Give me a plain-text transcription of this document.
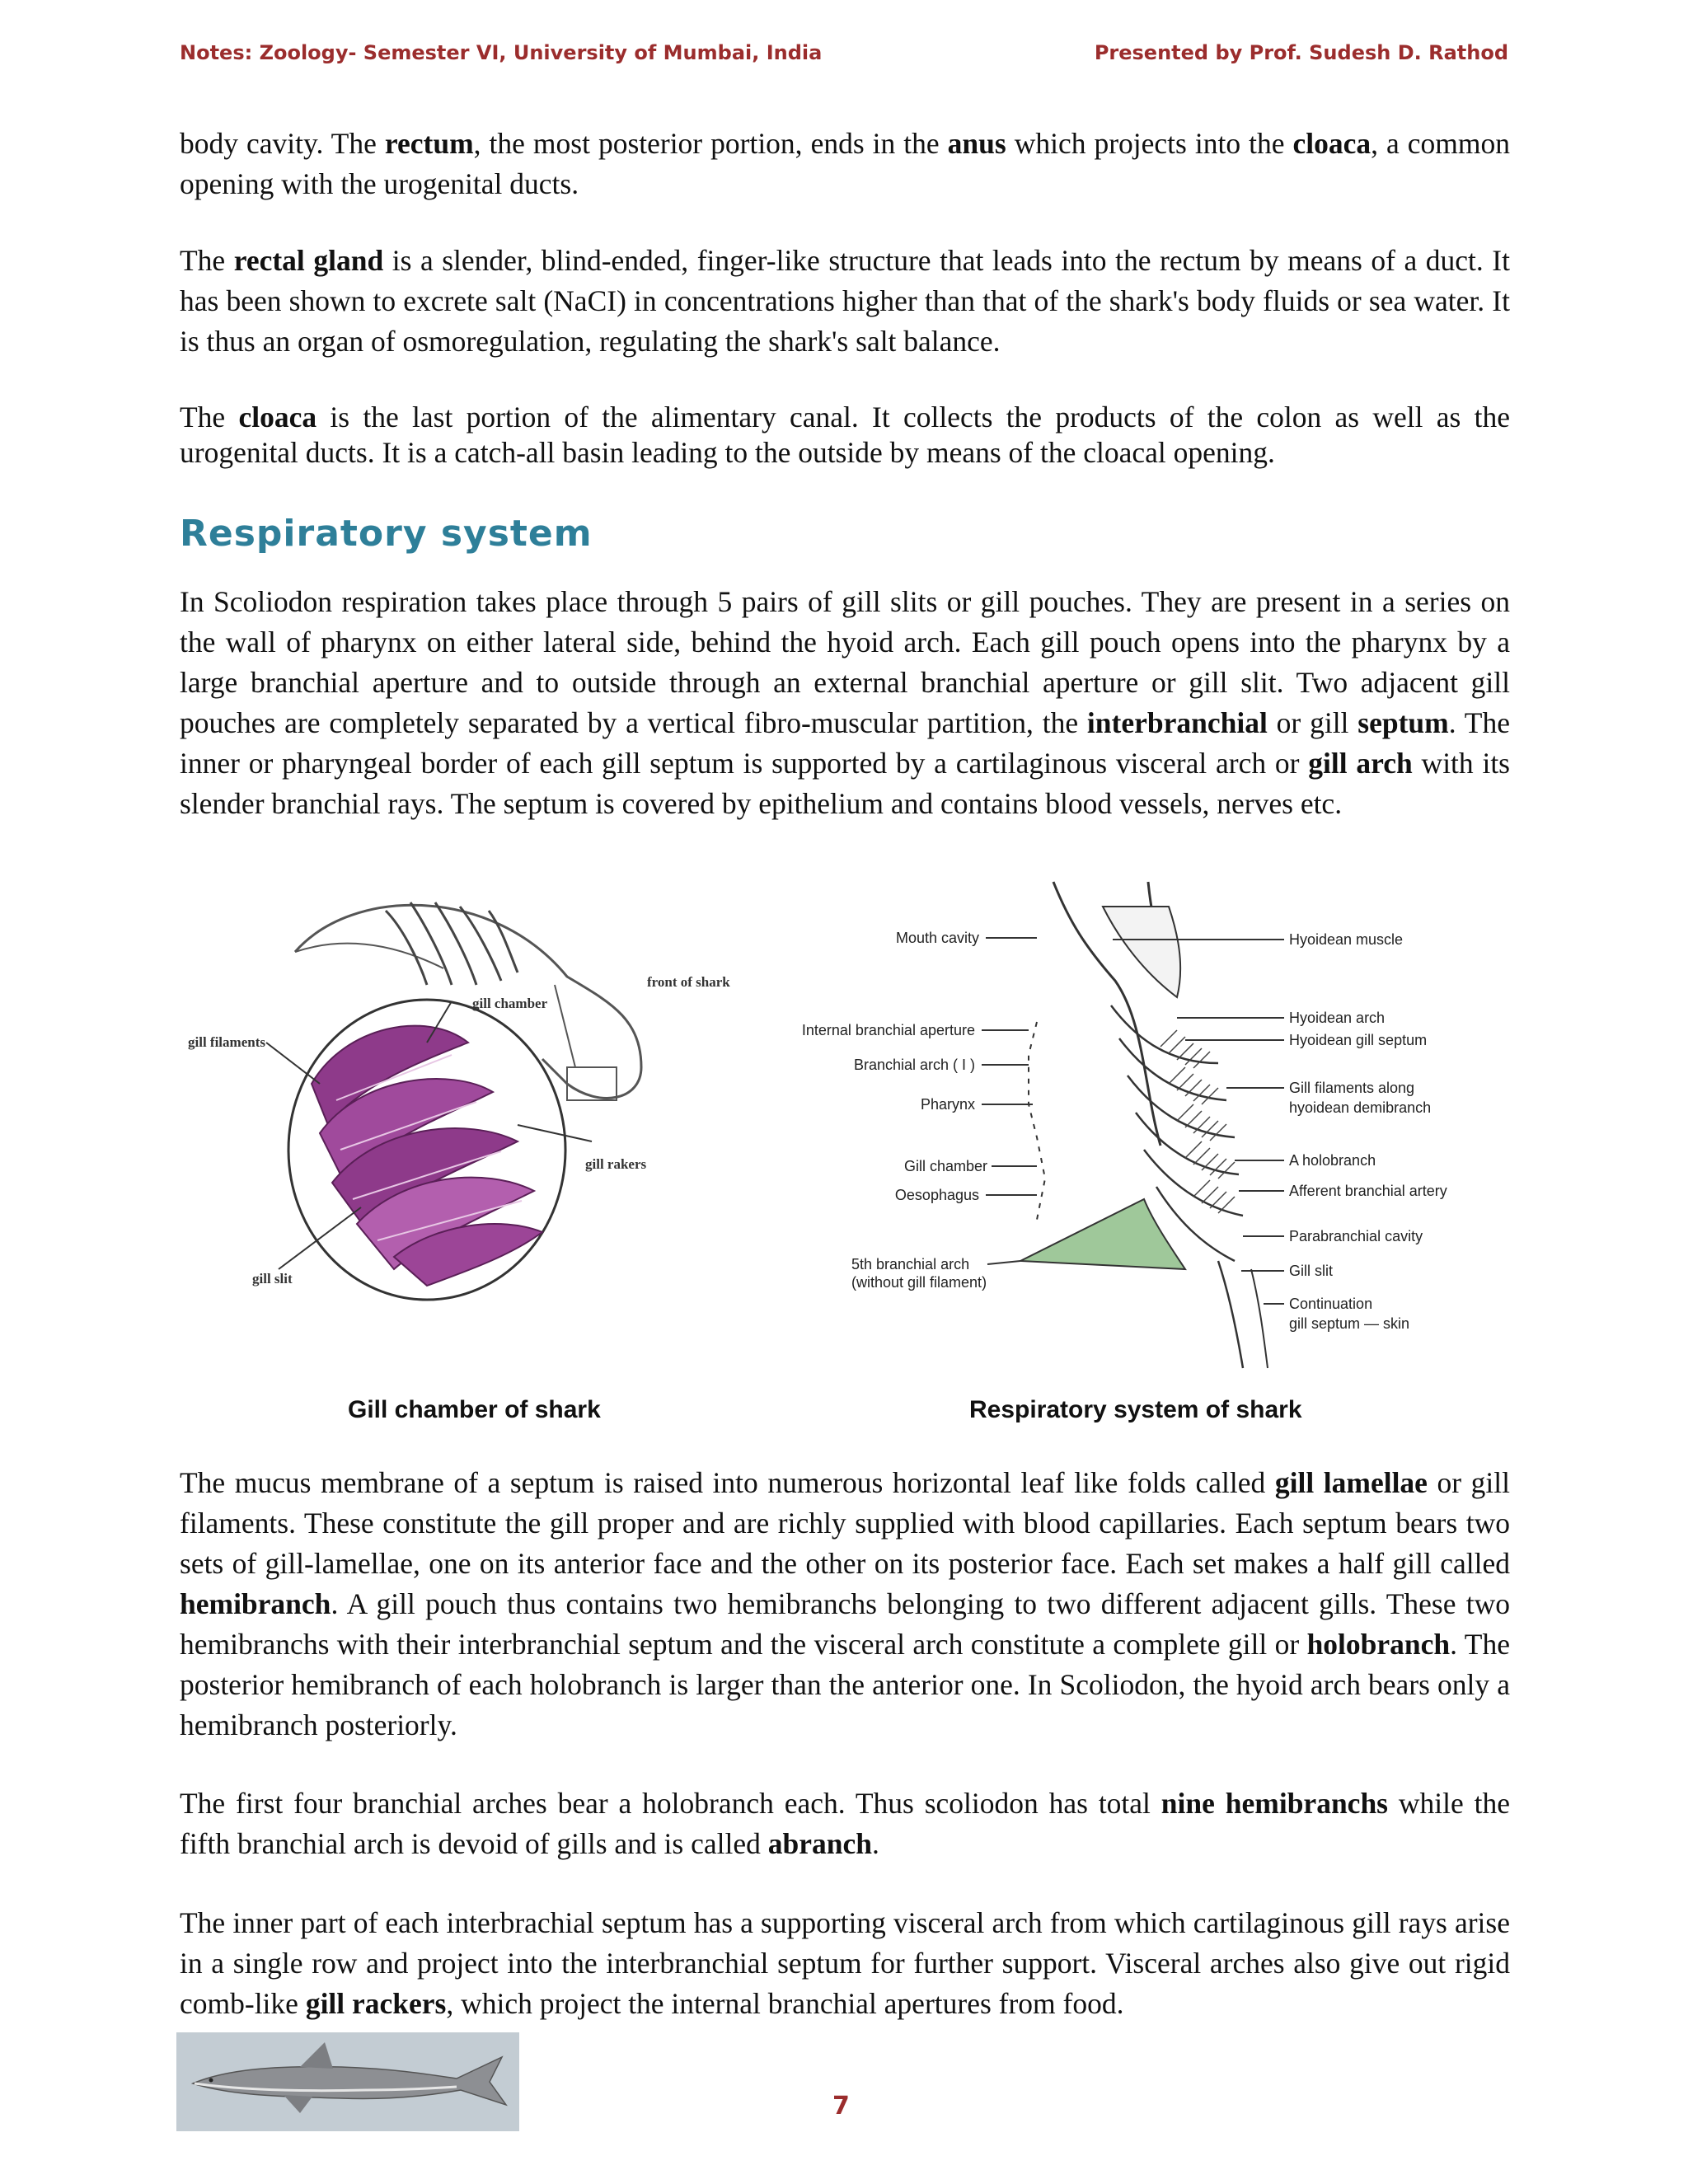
Notes: Zoology- Semester VI, University of Mumbai, India	Presented by Prof. Sudesh D. Rathod

body cavity. The rectum, the most posterior portion, ends in the anus which projects into the cloaca, a common opening with the urogenital ducts.

The rectal gland is a slender, blind-ended, finger-like structure that leads into the rectum by means of a duct. It has been shown to excrete salt (NaCI) in concentrations higher than that of the shark's body fluids or sea water. It is thus an organ of osmoregulation, regulating the shark's salt balance.

The cloaca is the last portion of the alimentary canal. It collects the products of the colon as well as the urogenital ducts. It is a catch-all basin leading to the outside by means of the cloacal opening.

Respiratory system

In Scoliodon respiration takes place through 5 pairs of gill slits or gill pouches. They are present in a series on the wall of pharynx on either lateral side, behind the hyoid arch. Each gill pouch opens into the pharynx by a large branchial aperture and to outside through an external branchial aperture or gill slit. Two adjacent gill pouches are completely separated by a vertical fibro-muscular partition, the interbranchial or gill septum. The inner or pharyngeal border of each gill septum is supported by a cartilaginous visceral arch or gill arch with its slender branchial rays. The septum is covered by epithelium and contains blood vessels, nerves etc.

gill filaments
gill chamber
front of shark
gill rakers
gill slit
Mouth cavity
Internal branchial aperture
Branchial arch ( I )
Pharynx
Gill chamber
Oesophagus
5th branchial arch
(without gill filament)
Hyoidean muscle
Hyoidean arch
Hyoidean gill septum
Gill filaments along
hyoidean demibranch
A holobranch
Afferent branchial artery
Parabranchial cavity
Gill slit
Continuation
gill septum — skin
Gill chamber of shark	Respiratory system of shark

The mucus membrane of a septum is raised into numerous horizontal leaf like folds called gill lamellae or gill filaments. These constitute the gill proper and are richly supplied with blood capillaries. Each septum bears two sets of gill-lamellae, one on its anterior face and the other on its posterior face. Each set makes a half gill called hemibranch. A gill pouch thus contains two hemibranchs belonging to two different adjacent gills. These two hemibranchs with their interbranchial septum and the visceral arch constitute a complete gill or holobranch. The posterior hemibranch of each holobranch is larger than the anterior one. In Scoliodon, the hyoid arch bears only a hemibranch posteriorly.

The first four branchial arches bear a holobranch each. Thus scoliodon has total nine hemibranchs while the fifth branchial arch is devoid of gills and is called abranch.

The inner part of each interbrachial septum has a supporting visceral arch from which cartilaginous gill rays arise in a single row and project into the interbranchial septum for further support. Visceral arches also give out rigid comb-like gill rackers, which project the internal branchial apertures from food.

7
